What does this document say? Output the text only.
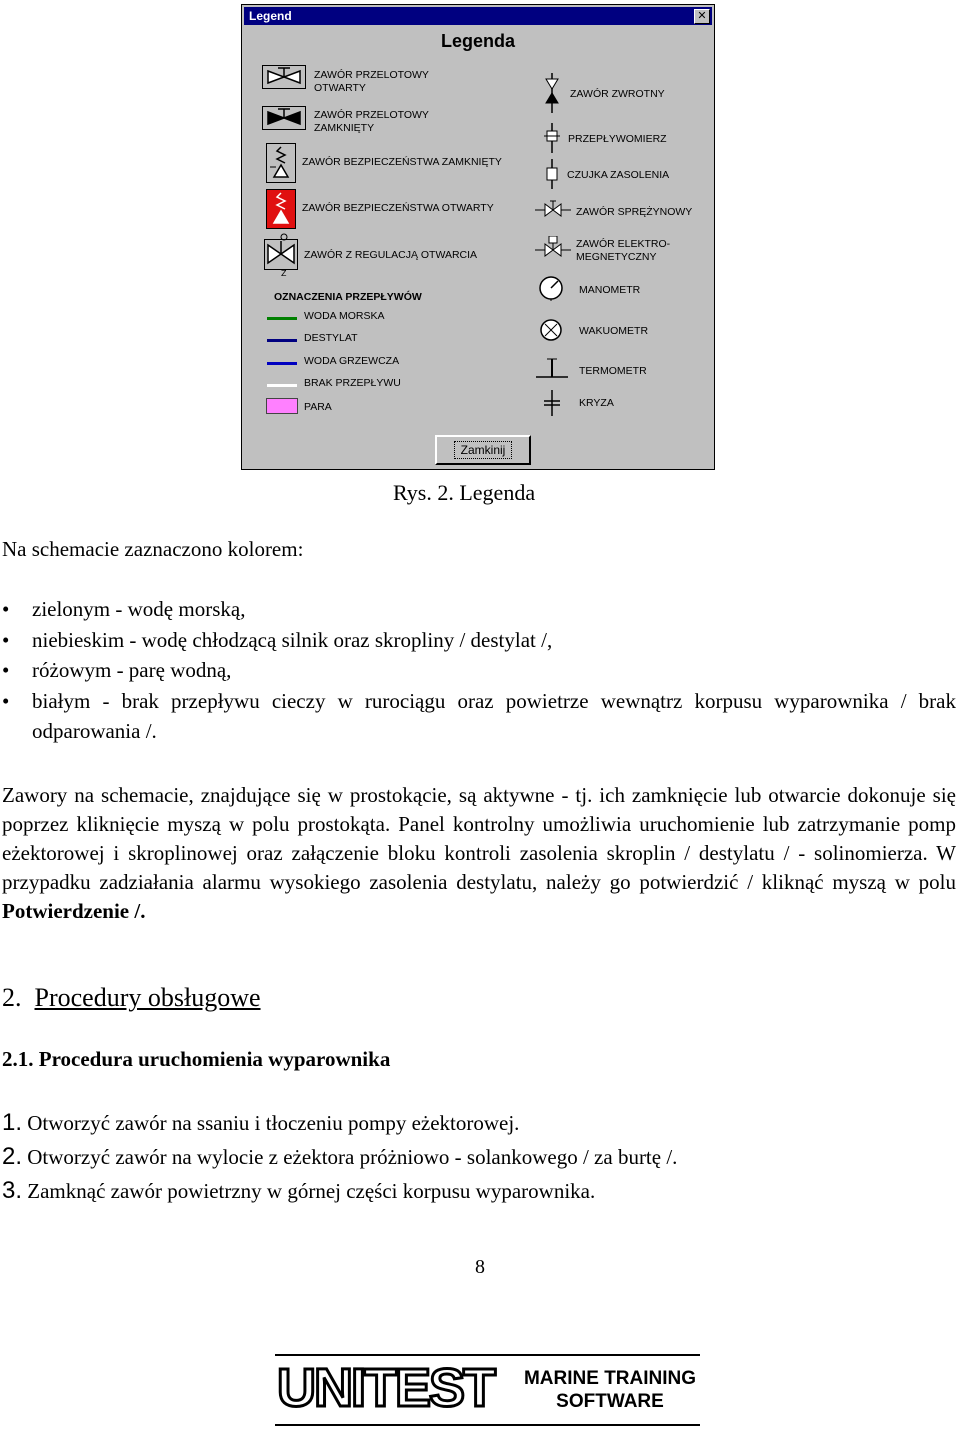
Legend	✕
Legenda
ZAWÓR PRZELOTOWY OTWARTY
ZAWÓR PRZELOTOWY ZAMKNIĘTY
ZAWÓR BEZPIECZEŃSTWA ZAMKNIĘTY
ZAWÓR BEZPIECZEŃSTWA OTWARTY
Z
ZAWÓR Z REGULACJĄ OTWARCIA
OZNACZENIA PRZEPŁYWÓW
WODA MORSKA
DESTYLAT
WODA GRZEWCZA
BRAK PRZEPŁYWU
PARA
ZAWÓR ZWROTNY
PRZEPŁYWOMIERZ
CZUJKA ZASOLENIA
ZAWÓR SPRĘŻYNOWY
ZAWÓR ELEKTRO-MEGNETYCZNY
MANOMETR
WAKUOMETR
TERMOMETR
KRYZA
Zamkinij
Rys. 2. Legenda

Na schemacie zaznaczono kolorem:

• zielonym - wodę morską,
• niebieskim - wodę chłodzącą silnik oraz skropliny / destylat /,
• różowym - parę wodną,
• białym - brak przepływu cieczy w rurociągu oraz powietrze wewnątrz korpusu wyparownika / brak odparowania /.

Zawory na schemacie, znajdujące się w prostokącie, są aktywne - tj. ich zamknięcie lub otwarcie dokonuje się poprzez kliknięcie myszą w polu prostokąta. Panel kontrolny umożliwia uruchomienie lub zatrzymanie pomp eżektorowej i skroplinowej oraz załączenie bloku kontroli zasolenia skroplin / destylatu / - solinomierza. W przypadku zadziałania alarmu wysokiego zasolenia destylatu, należy go potwierdzić / kliknąć myszą w polu Potwierdzenie /.

2. Procedury obsługowe
2.1. Procedura uruchomienia wyparownika
1. Otworzyć zawór na ssaniu i tłoczeniu pompy eżektorowej.
2. Otworzyć zawór na wylocie z eżektora próżniowo - solankowego / za burtę /.
3. Zamknąć zawór powietrzny w górnej części korpusu wyparownika.
8
UNITEST MARINE TRAINING
SOFTWARE
